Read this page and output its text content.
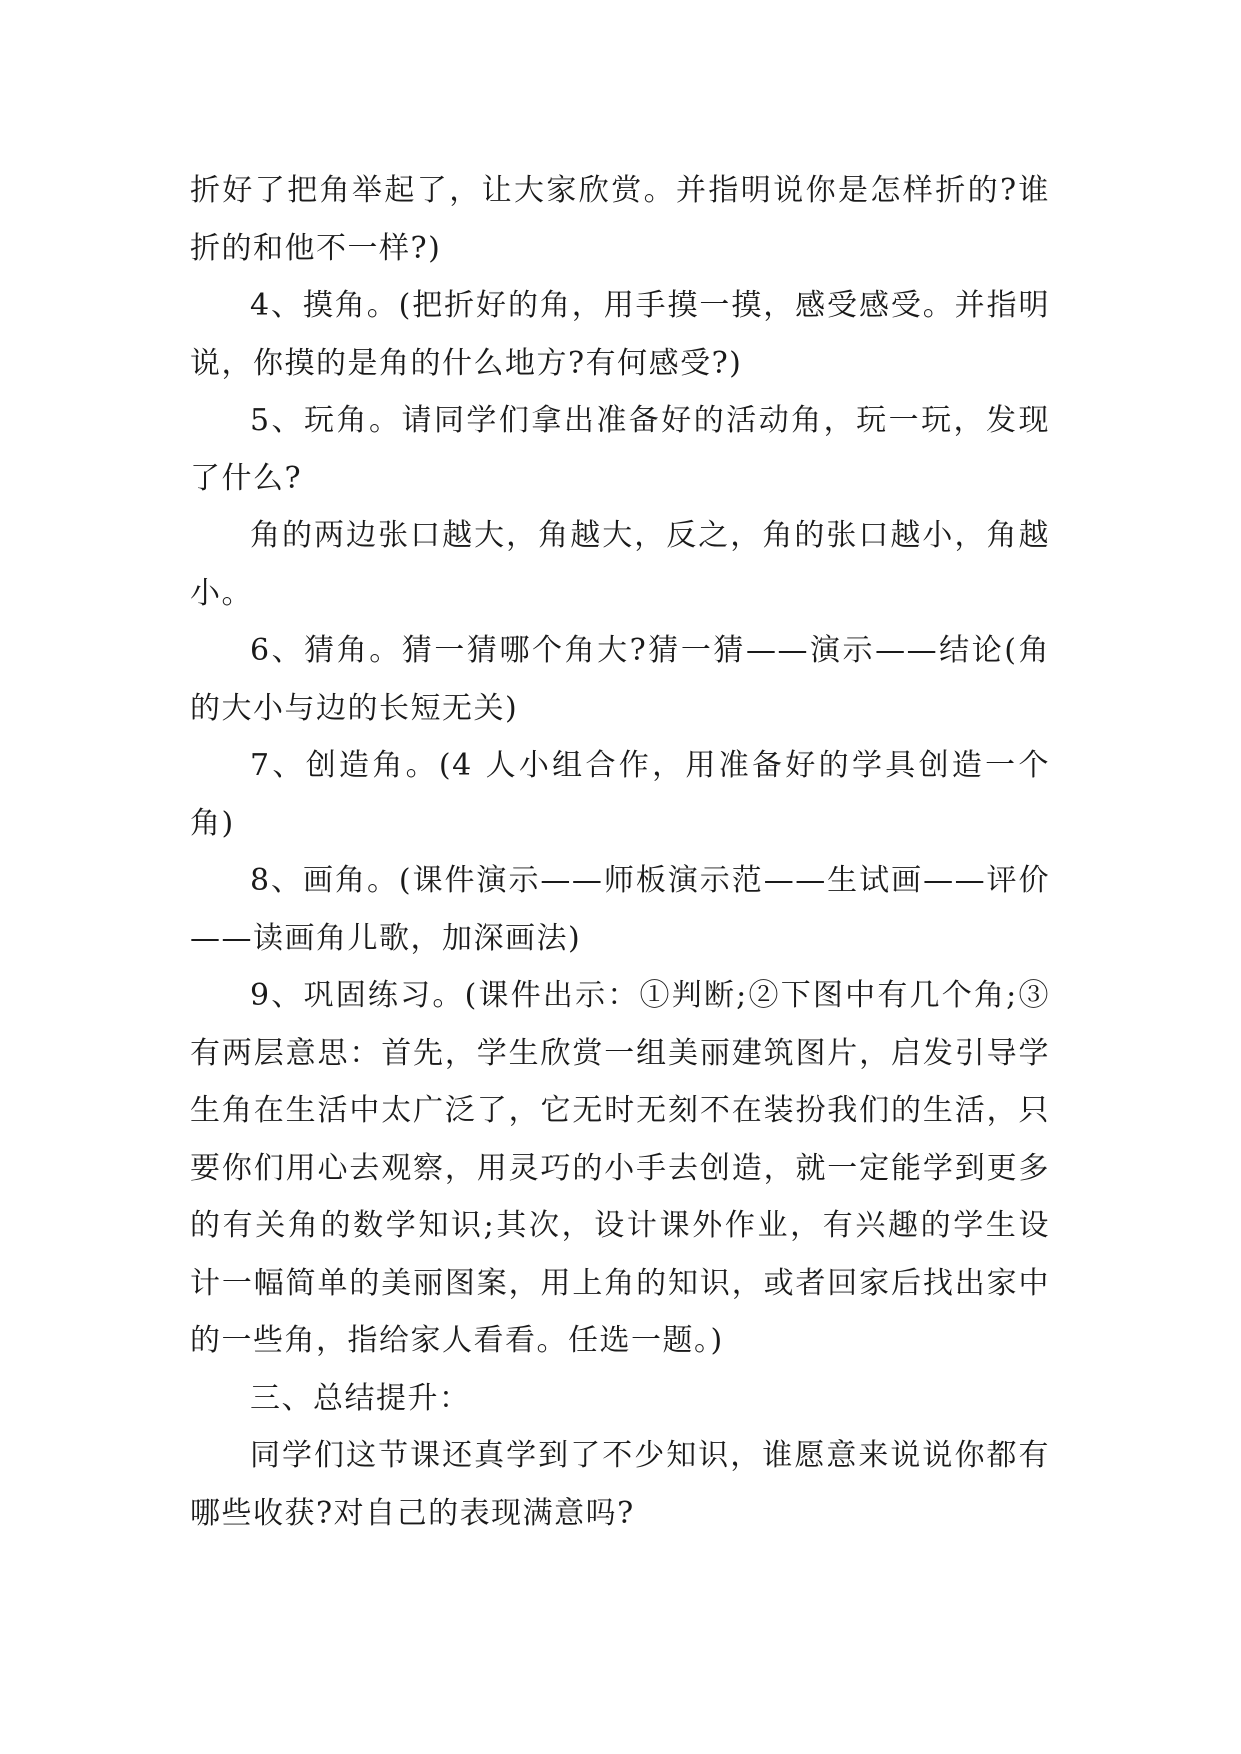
折好了把角举起了，让大家欣赏。并指明说你是怎样折的?谁折的和他不一样?)

4、摸角。(把折好的角，用手摸一摸，感受感受。并指明说，你摸的是角的什么地方?有何感受?)

5、玩角。请同学们拿出准备好的活动角，玩一玩，发现了什么?

角的两边张口越大，角越大，反之，角的张口越小，角越小。

6、猜角。猜一猜哪个角大?猜一猜——演示——结论(角的大小与边的长短无关)

7、创造角。(4 人小组合作，用准备好的学具创造一个角)

8、画角。(课件演示——师板演示范——生试画——评价——读画角儿歌，加深画法)

9、巩固练习。(课件出示：①判断;②下图中有几个角;③有两层意思：首先，学生欣赏一组美丽建筑图片，启发引导学生角在生活中太广泛了，它无时无刻不在装扮我们的生活，只要你们用心去观察，用灵巧的小手去创造，就一定能学到更多的有关角的数学知识;其次，设计课外作业，有兴趣的学生设计一幅简单的美丽图案，用上角的知识，或者回家后找出家中的一些角，指给家人看看。任选一题。)

三、总结提升：

同学们这节课还真学到了不少知识，谁愿意来说说你都有哪些收获?对自己的表现满意吗?
